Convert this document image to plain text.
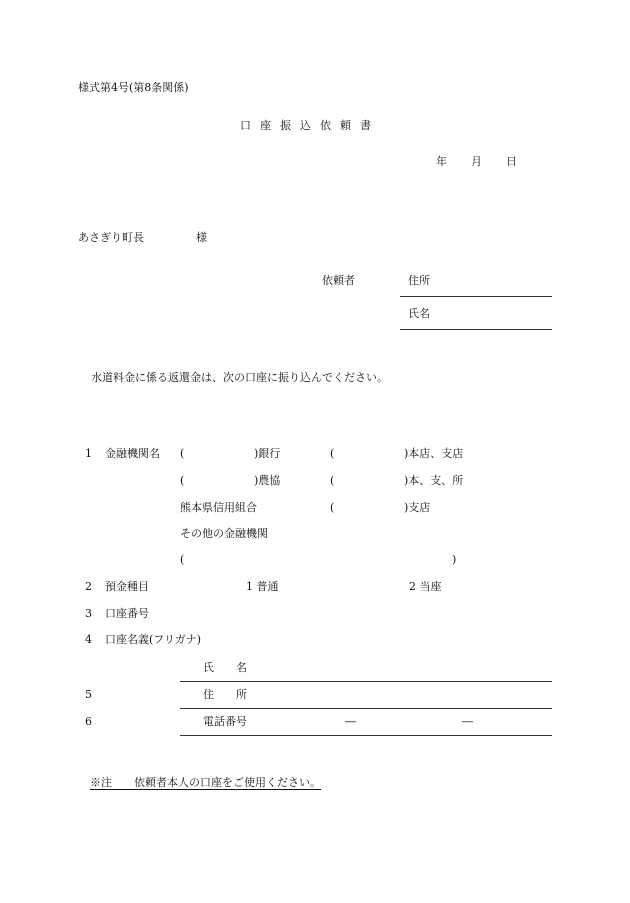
様式第4号(第8条関係)
口座振込依頼書
年 月 日
あさぎり町長	様
依頼者	住所
氏名
水道料金に係る返還金は、次の口座に振り込んでください。
1 金融機関名 (	)銀行	(	)本店、支店
(	)農協	(	)本、支、所
熊本県信用組合	(	)支店
その他の金融機関
(	)
2 預金種目	1 普通	2 当座
3 口座番号
4 口座名義(フリガナ)
氏　　名
5	住　　所
6	電話番号	―	―
※注　　依頼者本人の口座をご使用ください。
